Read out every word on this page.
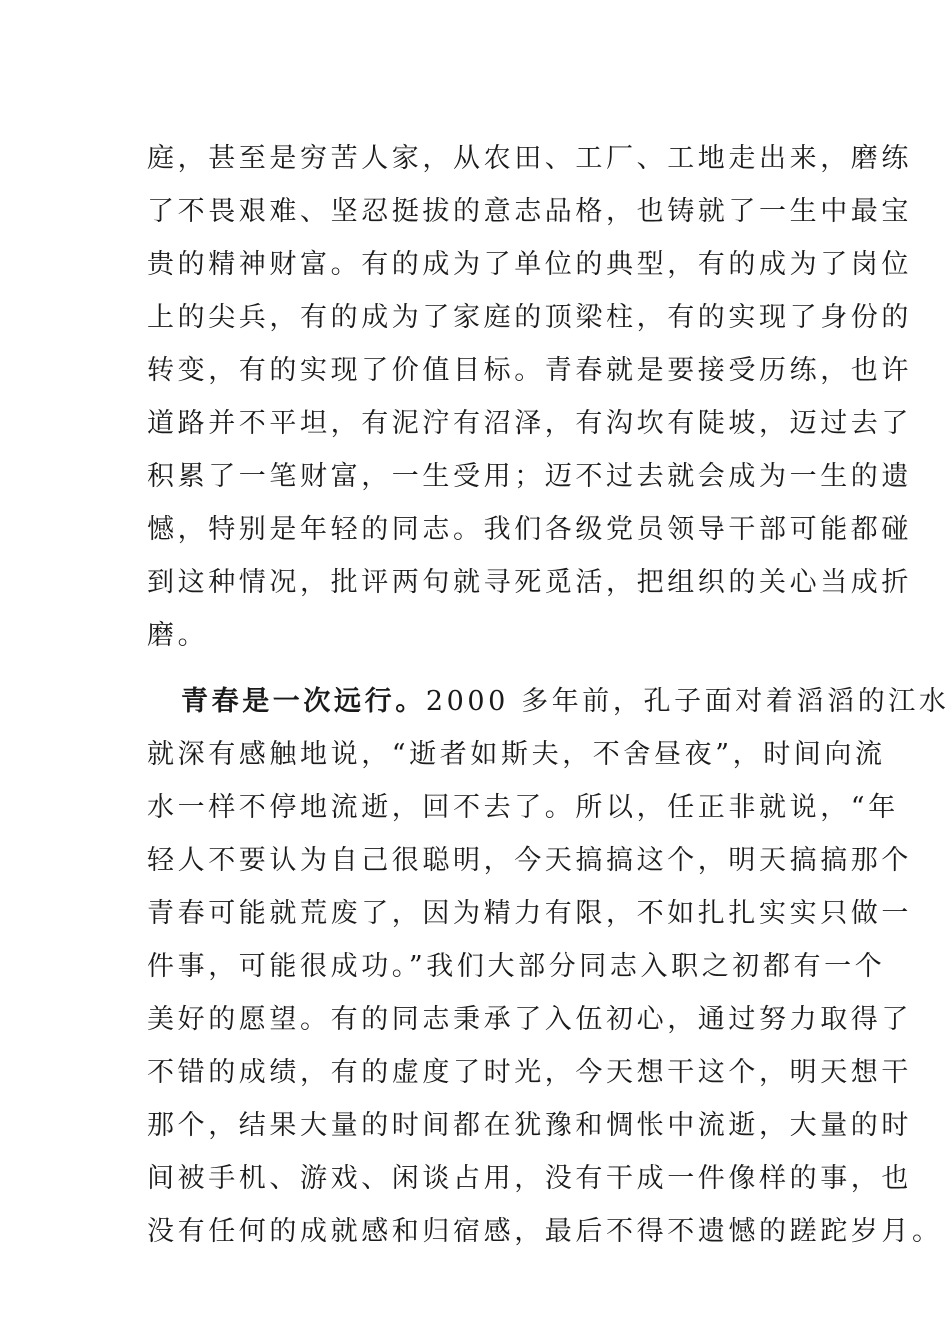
庭，甚至是穷苦人家，从农田、工厂、工地走出来，磨练
了不畏艰难、坚忍挺拔的意志品格，也铸就了一生中最宝
贵的精神财富。有的成为了单位的典型，有的成为了岗位
上的尖兵，有的成为了家庭的顶梁柱，有的实现了身份的
转变，有的实现了价值目标。青春就是要接受历练，也许
道路并不平坦，有泥泞有沼泽，有沟坎有陡坡，迈过去了
积累了一笔财富，一生受用；迈不过去就会成为一生的遗
憾，特别是年轻的同志。我们各级党员领导干部可能都碰
到这种情况，批评两句就寻死觅活，把组织的关心当成折
磨。
青春是一次远行。2000 多年前，孔子面对着滔滔的江水
就深有感触地说，“逝者如斯夫，不舍昼夜”，时间向流
水一样不停地流逝，回不去了。所以，任正非就说，“年
轻人不要认为自己很聪明，今天搞搞这个，明天搞搞那个
青春可能就荒废了，因为精力有限，不如扎扎实实只做一
件事，可能很成功。”我们大部分同志入职之初都有一个
美好的愿望。有的同志秉承了入伍初心，通过努力取得了
不错的成绩，有的虚度了时光，今天想干这个，明天想干
那个，结果大量的时间都在犹豫和惆怅中流逝，大量的时
间被手机、游戏、闲谈占用，没有干成一件像样的事，也
没有任何的成就感和归宿感，最后不得不遗憾的蹉跎岁月。
